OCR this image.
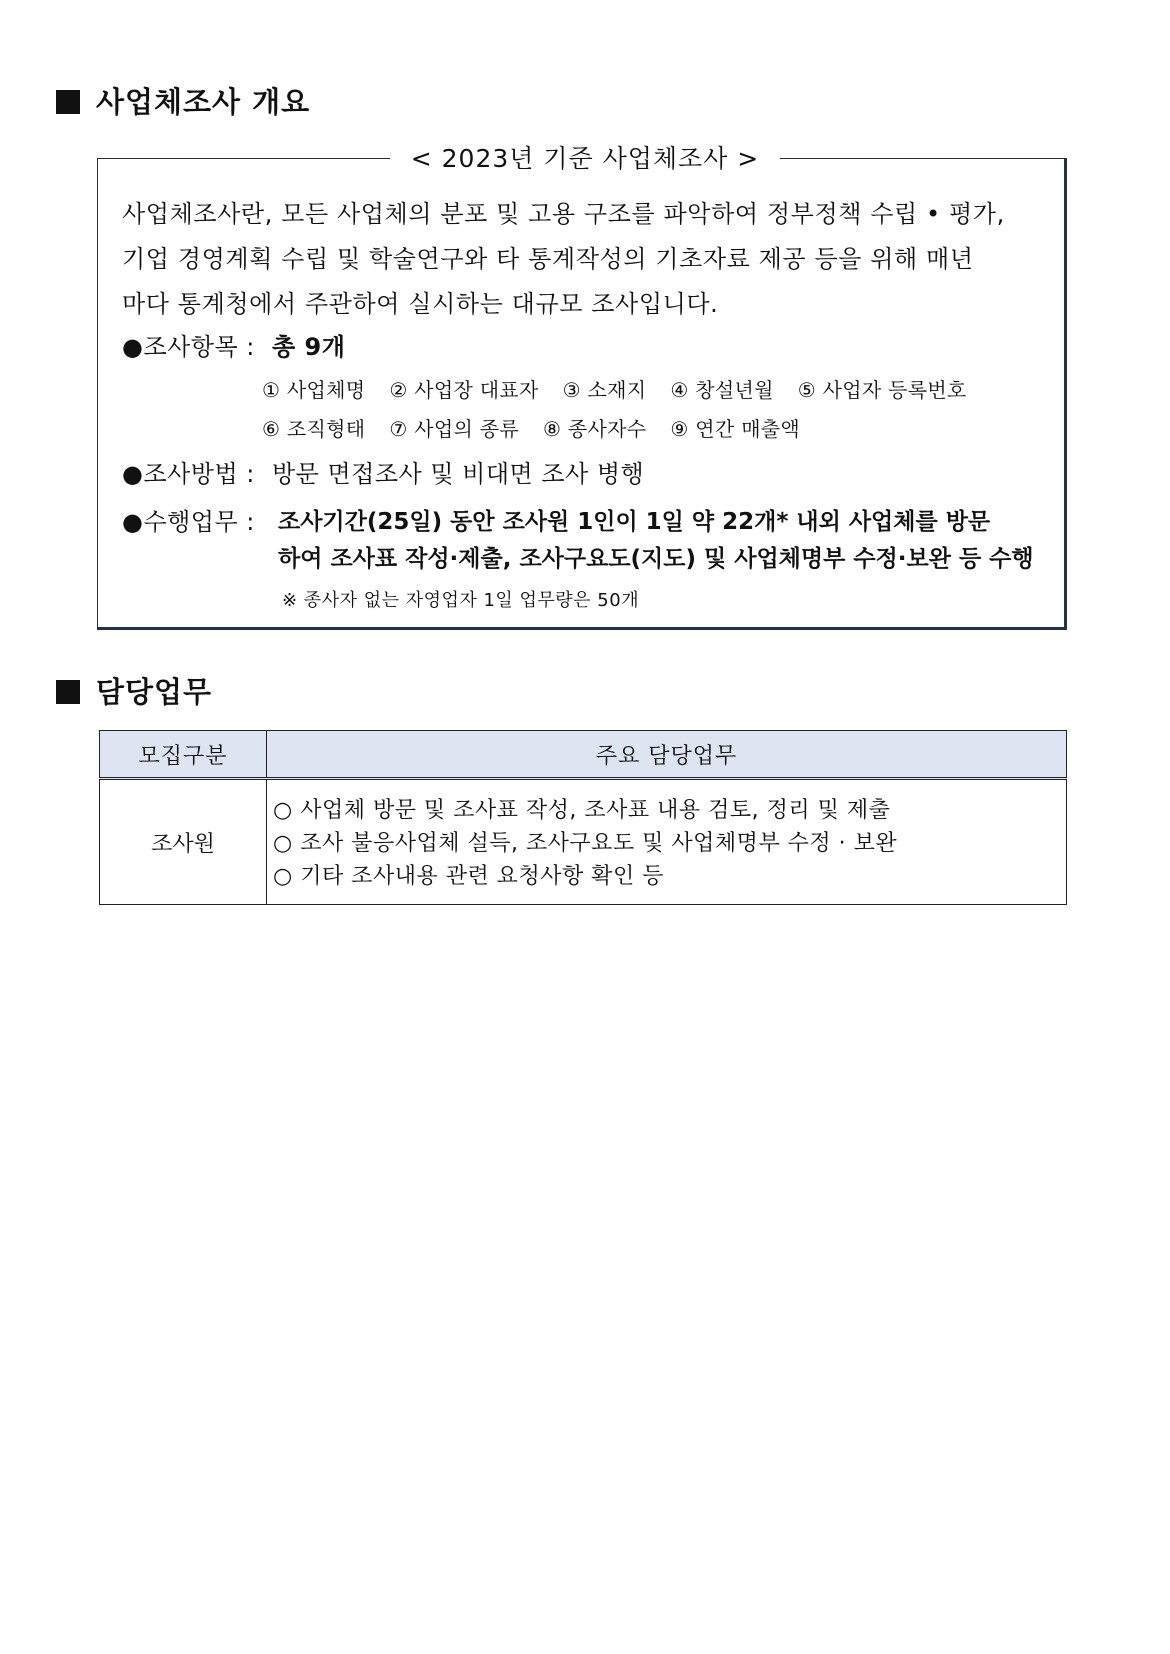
사업체조사 개요
< 2023년 기준 사업체조사 >

사업체조사란, 모든 사업체의 분포 및 고용 구조를 파악하여 정부정책 수립 • 평가,
기업 경영계획 수립 및 학술연구와 타 통계작성의 기초자료 제공 등을 위해 매년
마다 통계청에서 주관하여 실시하는 대규모 조사입니다.

●조사항목 : 총 9개
① 사업체명 ② 사업장 대표자 ③ 소재지 ④ 창설년월 ⑤ 사업자 등록번호
⑥ 조직형태 ⑦ 사업의 종류 ⑧ 종사자수 ⑨ 연간 매출액
●조사방법 : 방문 면접조사 및 비대면 조사 병행
●수행업무 :	조사기간(25일) 동안 조사원 1인이 1일 약 22개* 내외 사업체를 방문
하여 조사표 작성·제출, 조사구요도(지도) 및 사업체명부 수정·보완 등 수행
※ 종사자 없는 자영업자 1일 업무량은 50개
담당업무
모집구분	주요 담당업무
조사원	○ 사업체 방문 및 조사표 작성, 조사표 내용 검토, 정리 및 제출
○ 조사 불응사업체 설득, 조사구요도 및 사업체명부 수정 · 보완
○ 기타 조사내용 관련 요청사항 확인 등
